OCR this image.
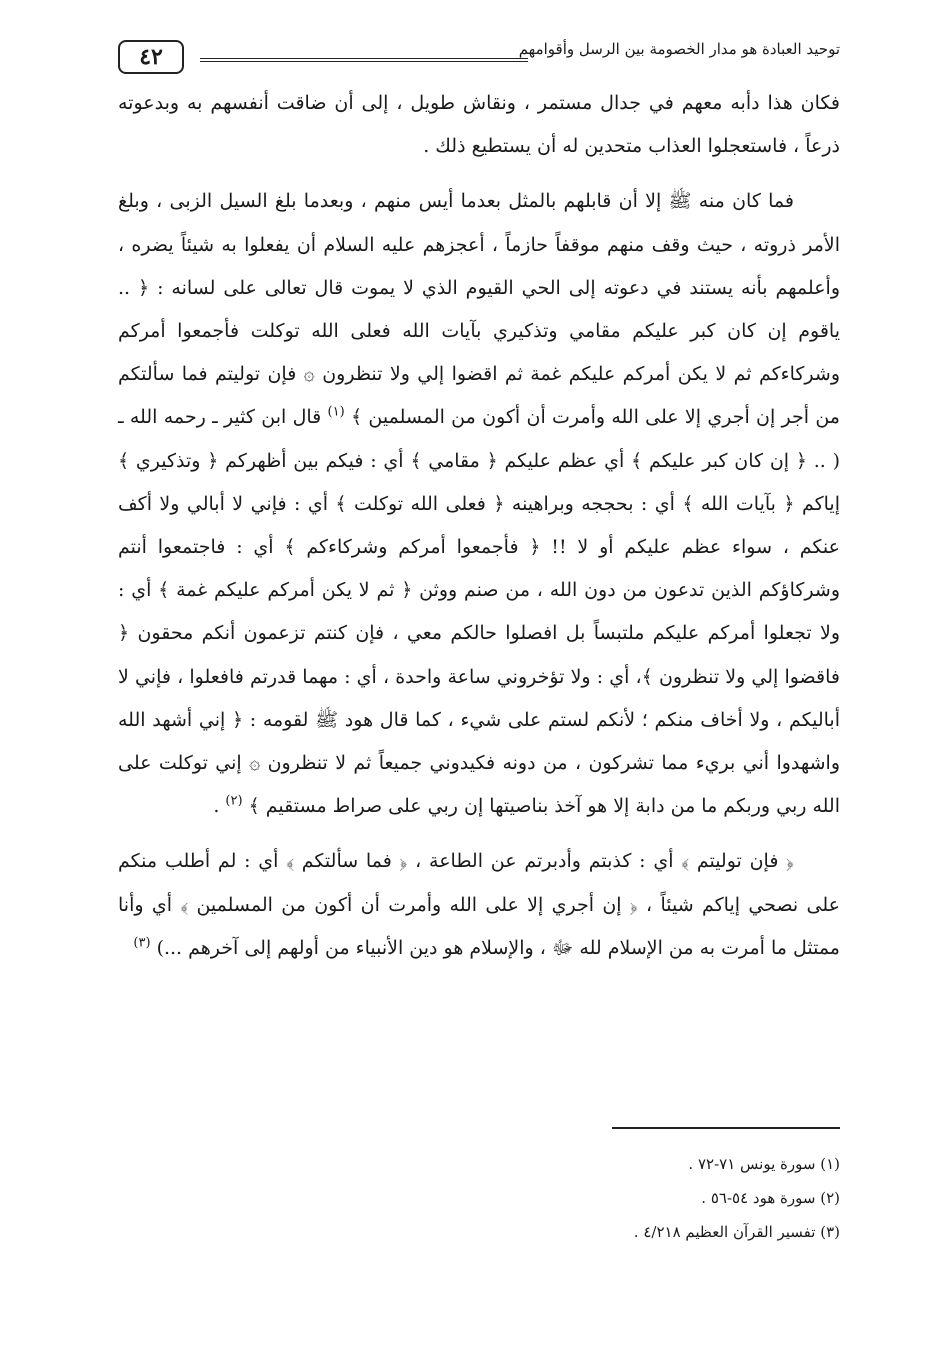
توحيد العبادة هو مدار الخصومة بين الرسل وأقوامهم
٤٢

فكان هذا دأبه معهم في جدال مستمر ، ونقاش طويل ، إلى أن ضاقت أنفسهم به وبدعوته ذرعاً ، فاستعجلوا العذاب متحدين له أن يستطيع ذلك .

فما كان منه ﷺ إلا أن قابلهم بالمثل بعدما أيس منهم ، وبعدما بلغ السيل الزبى ، وبلغ الأمر ذروته ، حيث وقف منهم موقفاً حازماً ، أعجزهم عليه السلام أن يفعلوا به شيئاً يضره ، وأعلمهم بأنه يستند في دعوته إلى الحي القيوم الذي لا يموت قال تعالى على لسانه : ﴿ .. ياقوم إن كان كبر عليكم مقامي وتذكيري بآيات الله فعلى الله توكلت فأجمعوا أمركم وشركاءكم ثم لا يكن أمركم عليكم غمة ثم اقضوا إلي ولا تنظرون ۞ فإن توليتم فما سألتكم من أجر إن أجري إلا على الله وأمرت أن أكون من المسلمين ﴾ $^{(١)}$ قال ابن كثير ـ رحمه الله ـ ( .. ﴿ إن كان كبر عليكم ﴾ أي عظم عليكم ﴿ مقامي ﴾ أي : فيكم بين أظهركم ﴿ وتذكيري ﴾ إياكم ﴿ بآيات الله ﴾ أي : بحججه وبراهينه ﴿ فعلى الله توكلت ﴾ أي : فإني لا أبالي ولا أكف عنكم ، سواء عظم عليكم أو لا !! ﴿ فأجمعوا أمركم وشركاءكم ﴾ أي : فاجتمعوا أنتم وشركاؤكم الذين تدعون من دون الله ، من صنم ووثن ﴿ ثم لا يكن أمركم عليكم غمة ﴾ أي : ولا تجعلوا أمركم عليكم ملتبساً بل افصلوا حالكم معي ، فإن كنتم تزعمون أنكم محقون ﴿ فاقضوا إلي ولا تنظرون ﴾، أي : ولا تؤخروني ساعة واحدة ، أي : مهما قدرتم فافعلوا ، فإني لا أباليكم ، ولا أخاف منكم ؛ لأنكم لستم على شيء ، كما قال هود ﷺ لقومه : ﴿ إني أشهد الله واشهدوا أني بريء مما تشركون ، من دونه فكيدوني جميعاً ثم لا تنظرون ۞ إني توكلت على الله ربي وربكم ما من دابة إلا هو آخذ بناصيتها إن ربي على صراط مستقيم ﴾ $^{(٢)}$ .

﴿ فإن توليتم ﴾ أي : كذبتم وأدبرتم عن الطاعة ، ﴿ فما سألتكم ﴾ أي : لم أطلب منكم على نصحي إياكم شيئاً ، ﴿ إن أجري إلا على الله وأمرت أن أكون من المسلمين ﴾ أي وأنا ممتثل ما أمرت به من الإسلام لله ﷻ ، والإسلام هو دين الأنبياء من أولهم إلى آخرهم ...) $^{(٣)}$

(١) سورة يونس ٧١-٧٢ .
(٢) سورة هود ٥٤-٥٦ .
(٣) تفسير القرآن العظيم ٤/٢١٨ .
